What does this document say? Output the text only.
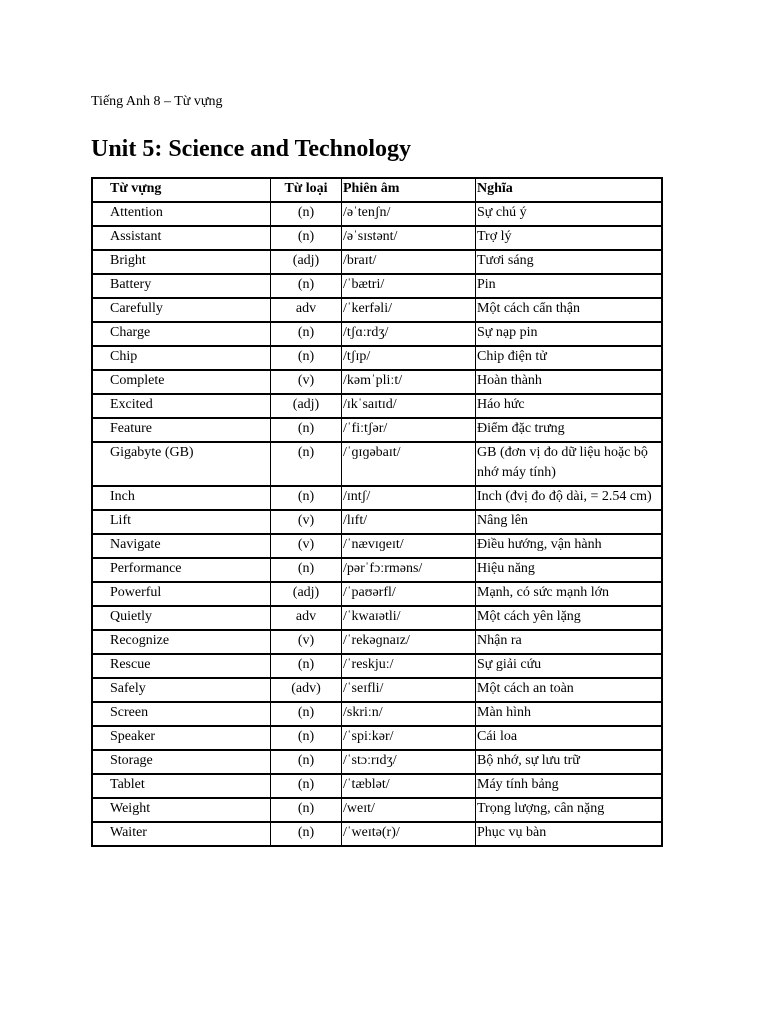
Tiếng Anh 8 – Từ vựng
Unit 5: Science and Technology
Từ vựng	Từ loại	Phiên âm	Nghĩa
Attention	(n)	/əˈtenʃn/	Sự chú ý
Assistant	(n)	/əˈsɪstənt/	Trợ lý
Bright	(adj)	/braɪt/	Tươi sáng
Battery	(n)	/ˈbætri/	Pin
Carefully	adv	/ˈkerfəli/	Một cách cẩn thận
Charge	(n)	/tʃɑːrdʒ/	Sự nạp pin
Chip	(n)	/tʃɪp/	Chip điện tử
Complete	(v)	/kəmˈpliːt/	Hoàn thành
Excited	(adj)	/ɪkˈsaɪtɪd/	Háo hức
Feature	(n)	/ˈfiːtʃər/	Điểm đặc trưng
Gigabyte (GB)	(n)	/ˈɡɪɡəbaɪt/	GB (đơn vị đo dữ liệu hoặc bộ nhớ máy tính)
Inch	(n)	/ɪntʃ/	Inch (đvị đo độ dài, = 2.54 cm)
Lift	(v)	/lɪft/	Nâng lên
Navigate	(v)	/ˈnævɪɡeɪt/	Điều hướng, vận hành
Performance	(n)	/pərˈfɔːrməns/	Hiệu năng
Powerful	(adj)	/ˈpaʊərfl/	Mạnh, có sức mạnh lớn
Quietly	adv	/ˈkwaɪətli/	Một cách yên lặng
Recognize	(v)	/ˈrekəɡnaɪz/	Nhận ra
Rescue	(n)	/ˈreskjuː/	Sự giải cứu
Safely	(adv)	/ˈseɪfli/	Một cách an toàn
Screen	(n)	/skriːn/	Màn hình
Speaker	(n)	/ˈspiːkər/	Cái loa
Storage	(n)	/ˈstɔːrɪdʒ/	Bộ nhớ, sự lưu trữ
Tablet	(n)	/ˈtæblət/	Máy tính bảng
Weight	(n)	/weɪt/	Trọng lượng, cân nặng
Waiter	(n)	/ˈweɪtə(r)/	Phục vụ bàn
